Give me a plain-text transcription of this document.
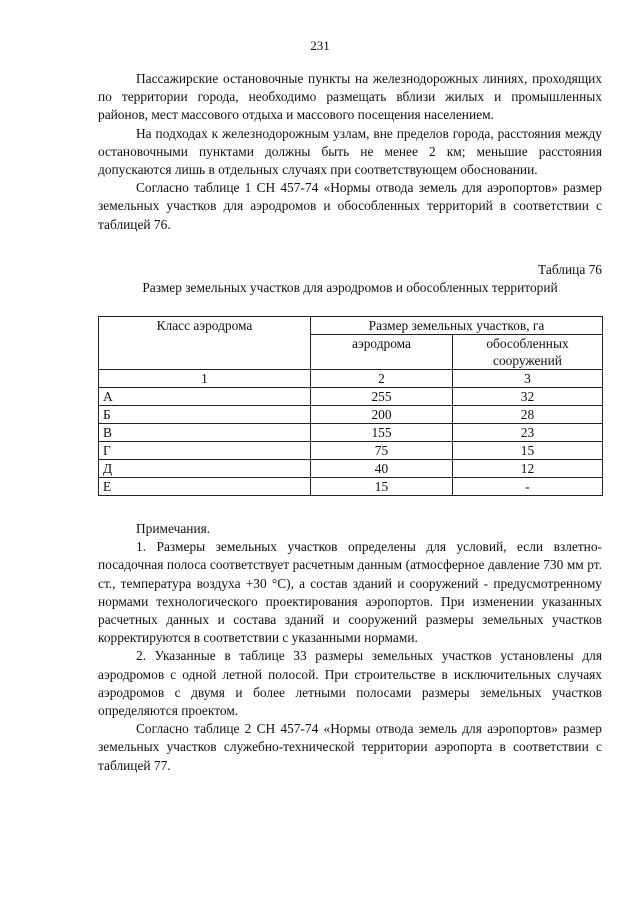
231

Пассажирские остановочные пункты на железнодорожных линиях, проходящих по территории города, необходимо размещать вблизи жилых и промышленных районов, мест массового отдыха и массового посещения населением.

На подходах к железнодорожным узлам, вне пределов города, расстояния между остановочными пунктами должны быть не менее 2 км; меньшие расстояния допускаются лишь в отдельных случаях при соответствующем обосновании.

Согласно таблице 1 СН 457-74 «Нормы отвода земель для аэропортов» размер земельных участков для аэродромов и обособленных территорий в соответствии с таблицей 76.

Таблица 76
Размер земельных участков для аэродромов и обособленных территорий
Класс аэродрома	Размер земельных участков, га	
	аэродрома	обособленных сооружений
1	2	3
А	255	32
Б	200	28
В	155	23
Г	75	15
Д	40	12
Е	15	-

Примечания.

1. Размеры земельных участков определены для условий, если взлетно-посадочная полоса соответствует расчетным данным (атмосферное давление 730 мм рт. ст., температура воздуха +30 °С), а состав зданий и сооружений - предусмотренному нормами технологического проектирования аэропортов. При изменении указанных расчетных данных и состава зданий и сооружений размеры земельных участков корректируются в соответствии с указанными нормами.

2. Указанные в таблице 33 размеры земельных участков установлены для аэродромов с одной летной полосой. При строительстве в исключительных случаях аэродромов с двумя и более летными полосами размеры земельных участков определяются проектом.

Согласно таблице 2 СН 457-74 «Нормы отвода земель для аэропортов» размер земельных участков служебно-технической территории аэропорта в соответствии с таблицей 77.
